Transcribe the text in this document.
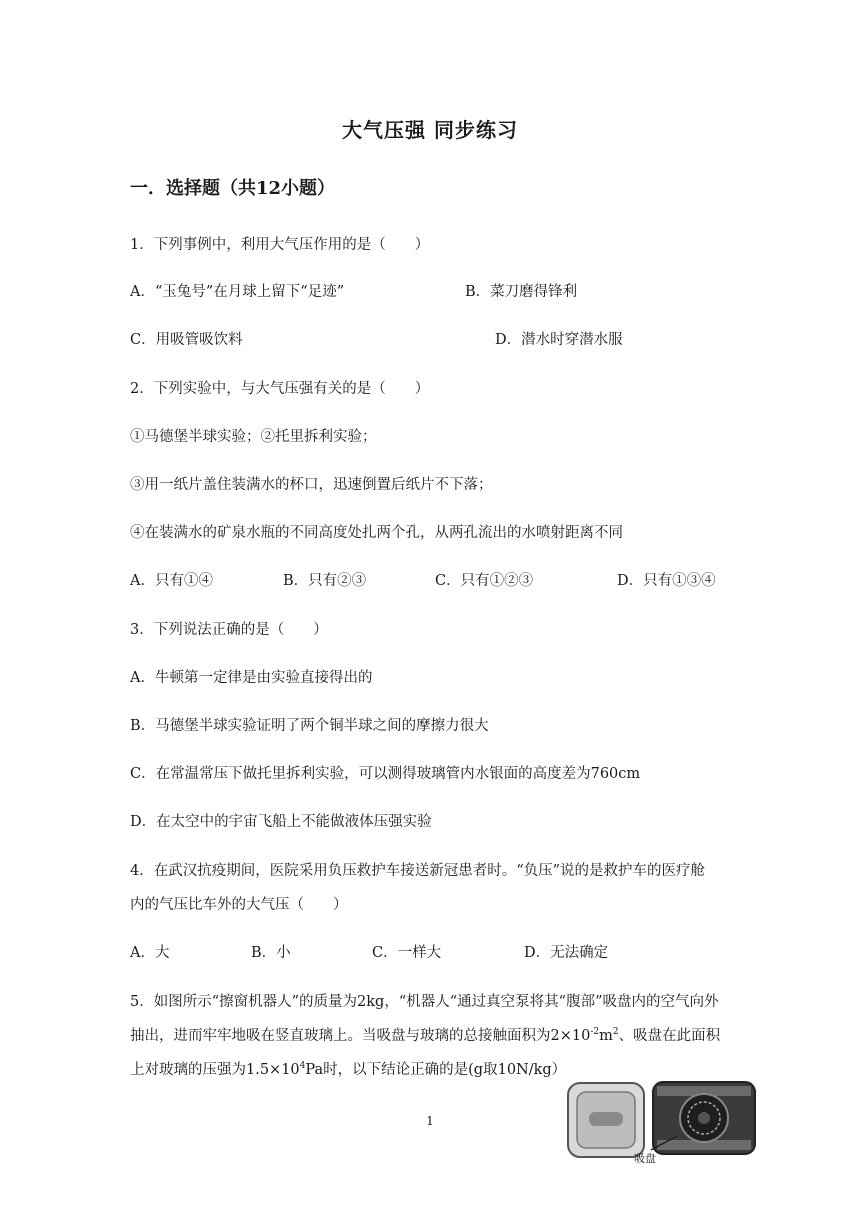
大气压强 同步练习
一．选择题（共12小题）
1．下列事例中，利用大气压作用的是（　　）
A．“玉兔号”在月球上留下“足迹”	B．菜刀磨得锋利
C．用吸管吸饮料	D．潜水时穿潜水服
2．下列实验中，与大气压强有关的是（　　）
①马德堡半球实验；②托里拆利实验；
③用一纸片盖住装满水的杯口，迅速倒置后纸片不下落；
④在装满水的矿泉水瓶的不同高度处扎两个孔，从两孔流出的水喷射距离不同
A．只有①④	B．只有②③	C．只有①②③	D．只有①③④
3．下列说法正确的是（　　）
A．牛顿第一定律是由实验直接得出的
B．马德堡半球实验证明了两个铜半球之间的摩擦力很大
C．在常温常压下做托里拆利实验，可以测得玻璃管内水银面的高度差为760cm
D．在太空中的宇宙飞船上不能做液体压强实验
4．在武汉抗疫期间，医院采用负压救护车接送新冠患者时。“负压”说的是救护车的医疗舱
内的气压比车外的大气压（　　）
A．大	B．小	C．一样大	D．无法确定
5．如图所示“擦窗机器人”的质量为2kg，“机器人“通过真空泵将其“腹部”吸盘内的空气向外
抽出，进而牢牢地吸在竖直玻璃上。当吸盘与玻璃的总接触面积为$2\times 10^{-2}m^2$、吸盘在此面积
上对玻璃的压强为$1.5\times 10^4Pa$时，以下结论正确的是(g取10N/kg）
吸盘
1
